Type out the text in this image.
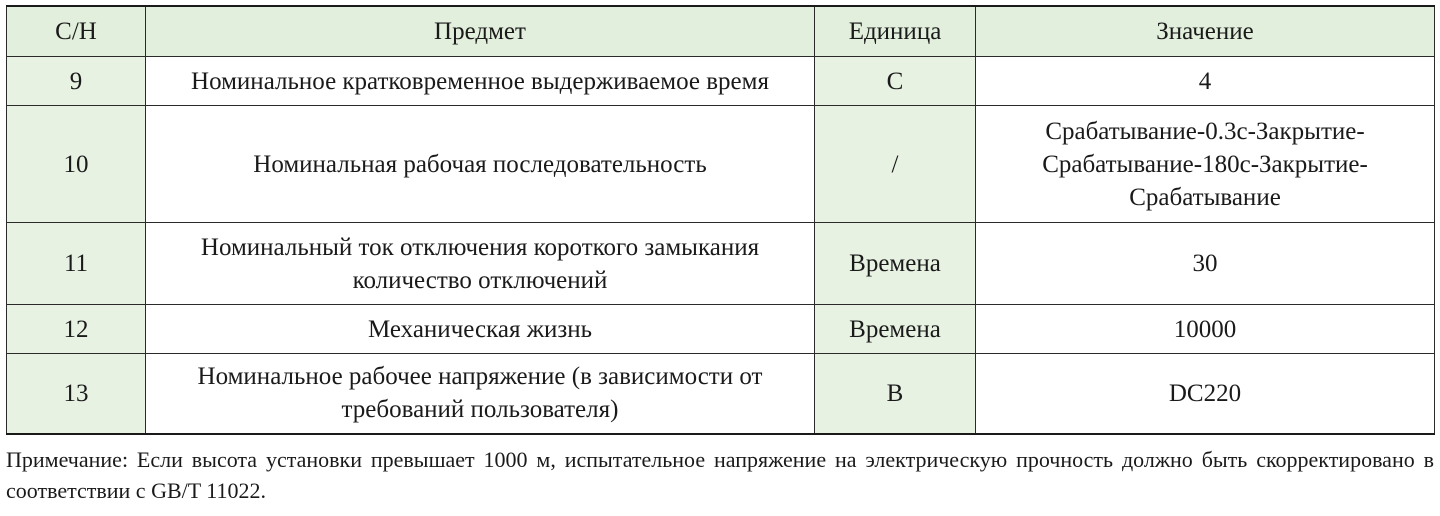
С/Н	Предмет	Единица	Значение
9	Номинальное кратковременное выдерживаемое время	С	4

10	Номинальная рабочая последовательность	/	Срабатывание-0.3с-Закрытие-
Срабатывание-180с-Закрытие-
Срабатывание

11	Номинальный ток отключения короткого замыкания
количество отключений	Времена	30

12	Механическая жизнь	Времена	10000

13	Номинальное рабочее напряжение (в зависимости от
требований пользователя)	В	DC220
Примечание: Если высота установки превышает 1000 м, испытательное напряжение на электрическую прочность должно быть скорректировано в соответствии с GB/T 11022.
